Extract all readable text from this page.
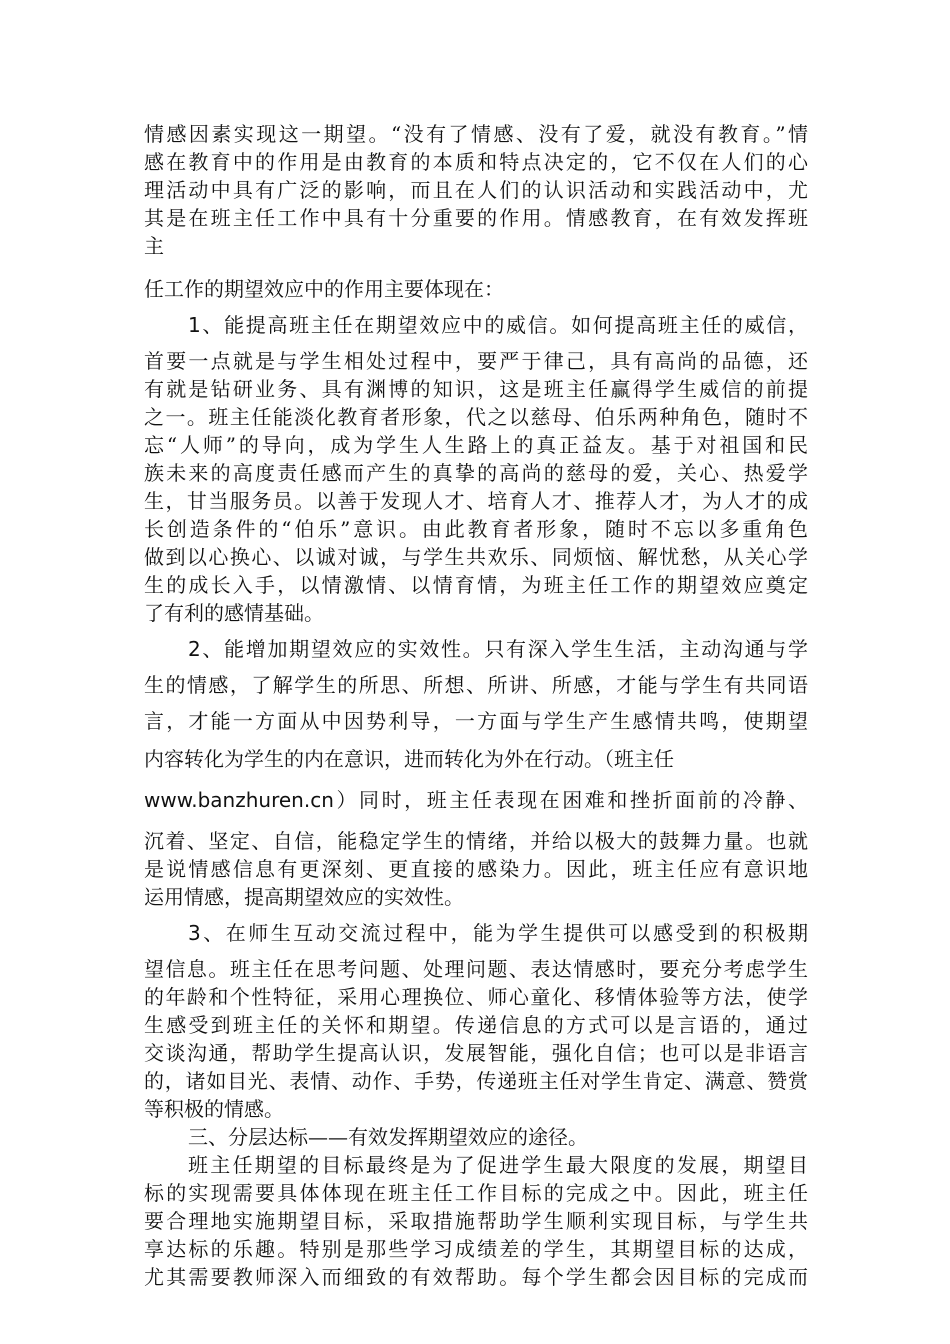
情感因素实现这一期望。“没有了情感、没有了爱，就没有教育。”情
感在教育中的作用是由教育的本质和特点决定的，它不仅在人们的心
理活动中具有广泛的影响，而且在人们的认识活动和实践活动中，尤
其是在班主任工作中具有十分重要的作用。情感教育，在有效发挥班
主
任工作的期望效应中的作用主要体现在：
1、能提高班主任在期望效应中的威信。如何提高班主任的威信，
首要一点就是与学生相处过程中，要严于律己，具有高尚的品德，还
有就是钻研业务、具有渊博的知识，这是班主任赢得学生威信的前提
之一。班主任能淡化教育者形象，代之以慈母、伯乐两种角色，随时不
忘“人师”的导向，成为学生人生路上的真正益友。基于对祖国和民
族未来的高度责任感而产生的真挚的高尚的慈母的爱，关心、热爱学
生，甘当服务员。以善于发现人才、培育人才、推荐人才，为人才的成
长创造条件的“伯乐”意识。由此教育者形象，随时不忘以多重角色
做到以心换心、以诚对诚，与学生共欢乐、同烦恼、解忧愁，从关心学
生的成长入手，以情激情、以情育情，为班主任工作的期望效应奠定
了有利的感情基础。
2、能增加期望效应的实效性。只有深入学生生活，主动沟通与学
生的情感，了解学生的所思、所想、所讲、所感，才能与学生有共同语
言，才能一方面从中因势利导，一方面与学生产生感情共鸣，使期望
内容转化为学生的内在意识，进而转化为外在行动。（班主任
www.banzhuren.cn）同时，班主任表现在困难和挫折面前的冷静、
沉着、坚定、自信，能稳定学生的情绪，并给以极大的鼓舞力量。也就
是说情感信息有更深刻、更直接的感染力。因此，班主任应有意识地
运用情感，提高期望效应的实效性。
3、在师生互动交流过程中，能为学生提供可以感受到的积极期
望信息。班主任在思考问题、处理问题、表达情感时，要充分考虑学生
的年龄和个性特征，采用心理换位、师心童化、移情体验等方法，使学
生感受到班主任的关怀和期望。传递信息的方式可以是言语的，通过
交谈沟通，帮助学生提高认识，发展智能，强化自信；也可以是非语言
的，诸如目光、表情、动作、手势，传递班主任对学生肯定、满意、赞赏
等积极的情感。
三、分层达标——有效发挥期望效应的途径。
班主任期望的目标最终是为了促进学生最大限度的发展，期望目
标的实现需要具体体现在班主任工作目标的完成之中。因此，班主任
要合理地实施期望目标，采取措施帮助学生顺利实现目标，与学生共
享达标的乐趣。特别是那些学习成绩差的学生，其期望目标的达成，
尤其需要教师深入而细致的有效帮助。每个学生都会因目标的完成而
